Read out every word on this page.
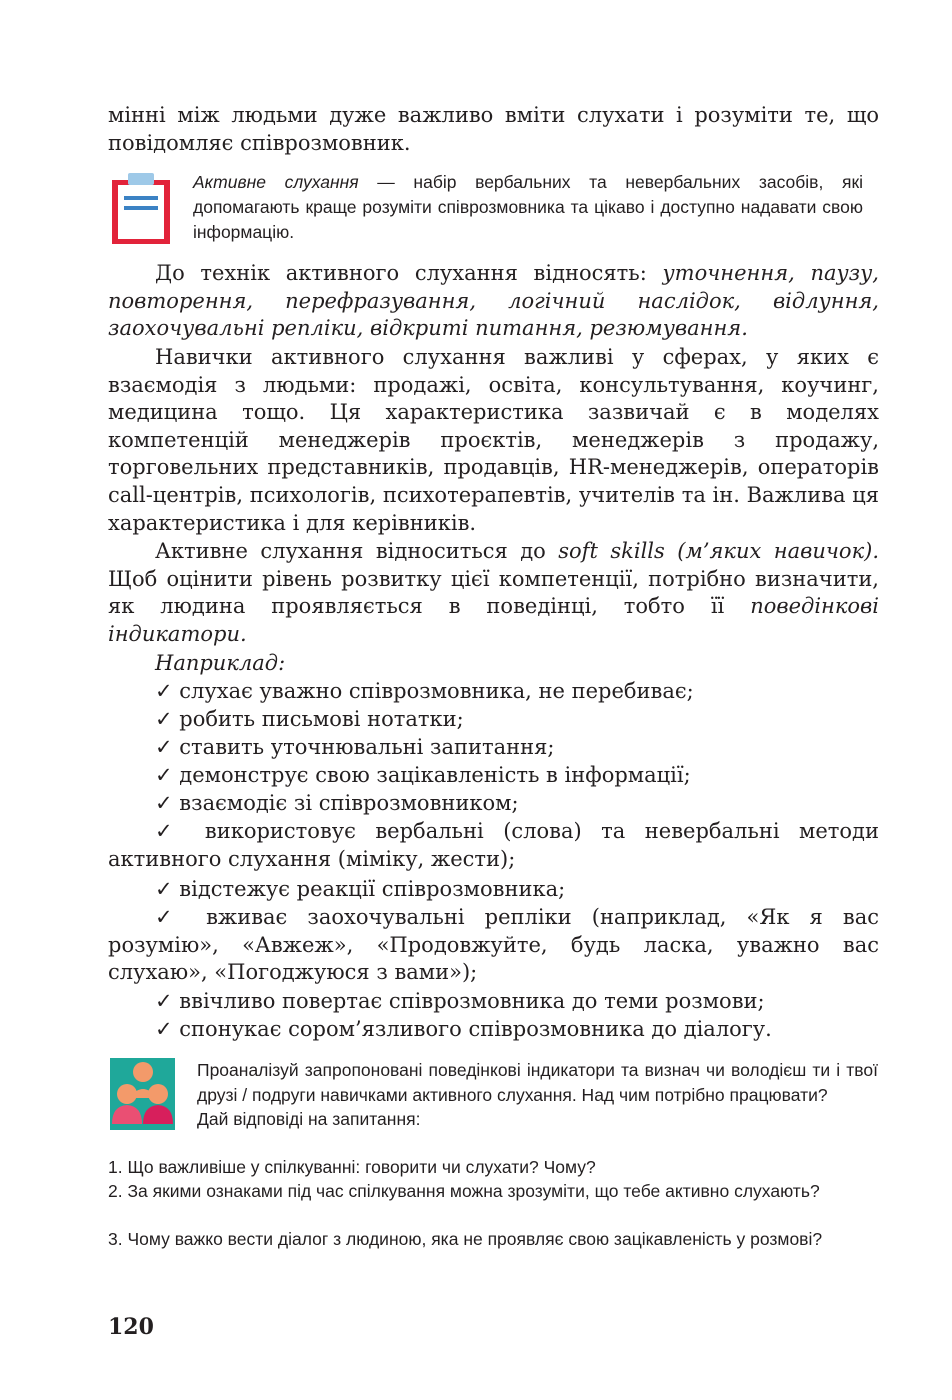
мінні між людьми дуже важливо вміти слухати і розуміти те, що повідомляє співрозмовник.
Активне слухання — набір вербальних та невербальних засобів, які допомагають краще розуміти співрозмовника та цікаво і доступно надавати свою інформацію.
До технік активного слухання відносять: уточнення, паузу, повторення, перефразування, логічний наслідок, відлуння, заохочувальні репліки, відкриті питання, резюмування.
Навички активного слухання важливі у сферах, у яких є взаємодія з людьми: продажі, освіта, консультування, коучинг, медицина тощо. Ця характеристика зазвичай є в моделях компетенцій менеджерів проєктів, менеджерів з продажу, торговельних представників, продавців, HR-менеджерів, операторів call-центрів, психологів, психотерапевтів, учителів та ін. Важлива ця характеристика і для керівників.
Активне слухання відноситься до soft skills (м’яких навичок). Щоб оцінити рівень розвитку цієї компетенції, потрібно визначити, як людина проявляється в поведінці, тобто її поведінкові індикатори.
Наприклад:
✓ слухає уважно співрозмовника, не перебиває;
✓ робить письмові нотатки;
✓ ставить уточнювальні запитання;
✓ демонструє свою зацікавленість в інформації;
✓ взаємодіє зі співрозмовником;
✓ використовує вербальні (слова) та невербальні методи активного слухання (міміку, жести);
✓ відстежує реакції співрозмовника;
✓ вживає заохочувальні репліки (наприклад, «Як я вас розумію», «Авжеж», «Продовжуйте, будь ласка, уважно вас слухаю», «Погоджуюся з вами»);
✓ ввічливо повертає співрозмовника до теми розмови;
✓ спонукає сором’язливого співрозмовника до діалогу.
Проаналізуй запропоновані поведінкові індикатори та визнач чи володієш ти і твої друзі / подруги навичками активного слухання. Над чим потрібно працювати?
Дай відповіді на запитання:
1. Що важливіше у спілкуванні: говорити чи слухати? Чому?
2. За якими ознаками під час спілкування можна зрозуміти, що тебе активно слухають?
3. Чому важко вести діалог з людиною, яка не проявляє свою зацікавленість у розмові?
120
